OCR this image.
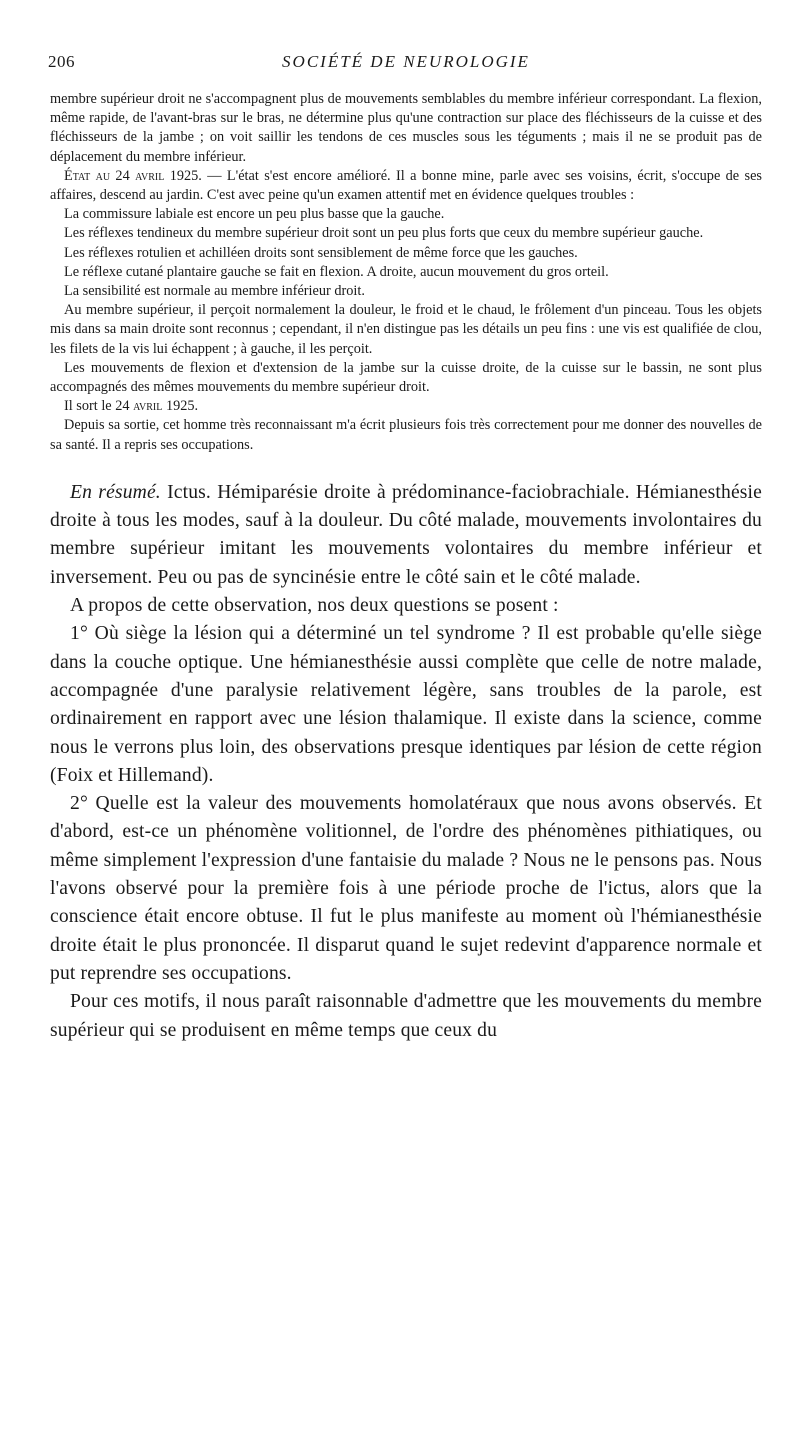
206	SOCIÉTÉ DE NEUROLOGIE

membre supérieur droit ne s'accompagnent plus de mouvements semblables du membre inférieur correspondant. La flexion, même rapide, de l'avant-bras sur le bras, ne détermine plus qu'une contraction sur place des fléchisseurs de la cuisse et des fléchisseurs de la jambe ; on voit saillir les tendons de ces muscles sous les téguments ; mais il ne se produit pas de déplacement du membre inférieur.

État au 24 avril 1925. — L'état s'est encore amélioré. Il a bonne mine, parle avec ses voisins, écrit, s'occupe de ses affaires, descend au jardin. C'est avec peine qu'un examen attentif met en évidence quelques troubles :

La commissure labiale est encore un peu plus basse que la gauche.

Les réflexes tendineux du membre supérieur droit sont un peu plus forts que ceux du membre supérieur gauche.

Les réflexes rotulien et achilléen droits sont sensiblement de même force que les gauches.

Le réflexe cutané plantaire gauche se fait en flexion. A droite, aucun mouvement du gros orteil.

La sensibilité est normale au membre inférieur droit.

Au membre supérieur, il perçoit normalement la douleur, le froid et le chaud, le frôlement d'un pinceau. Tous les objets mis dans sa main droite sont reconnus ; cependant, il n'en distingue pas les détails un peu fins : une vis est qualifiée de clou, les filets de la vis lui échappent ; à gauche, il les perçoit.

Les mouvements de flexion et d'extension de la jambe sur la cuisse droite, de la cuisse sur le bassin, ne sont plus accompagnés des mêmes mouvements du membre supérieur droit.

Il sort le 24 avril 1925.

Depuis sa sortie, cet homme très reconnaissant m'a écrit plusieurs fois très correctement pour me donner des nouvelles de sa santé. Il a repris ses occupations.

En résumé. Ictus. Hémiparésie droite à prédominance-faciobrachiale. Hémianesthésie droite à tous les modes, sauf à la douleur. Du côté malade, mouvements involontaires du membre supérieur imitant les mouvements volontaires du membre inférieur et inversement. Peu ou pas de syncinésie entre le côté sain et le côté malade.

A propos de cette observation, nos deux questions se posent :

1° Où siège la lésion qui a déterminé un tel syndrome ? Il est probable qu'elle siège dans la couche optique. Une hémianesthésie aussi complète que celle de notre malade, accompagnée d'une paralysie relativement légère, sans troubles de la parole, est ordinairement en rapport avec une lésion thalamique. Il existe dans la science, comme nous le verrons plus loin, des observations presque identiques par lésion de cette région (Foix et Hillemand).

2° Quelle est la valeur des mouvements homolatéraux que nous avons observés. Et d'abord, est-ce un phénomène volitionnel, de l'ordre des phénomènes pithiatiques, ou même simplement l'expression d'une fantaisie du malade ? Nous ne le pensons pas. Nous l'avons observé pour la première fois à une période proche de l'ictus, alors que la conscience était encore obtuse. Il fut le plus manifeste au moment où l'hémianesthésie droite était le plus prononcée. Il disparut quand le sujet redevint d'apparence normale et put reprendre ses occupations.

Pour ces motifs, il nous paraît raisonnable d'admettre que les mouvements du membre supérieur qui se produisent en même temps que ceux du
